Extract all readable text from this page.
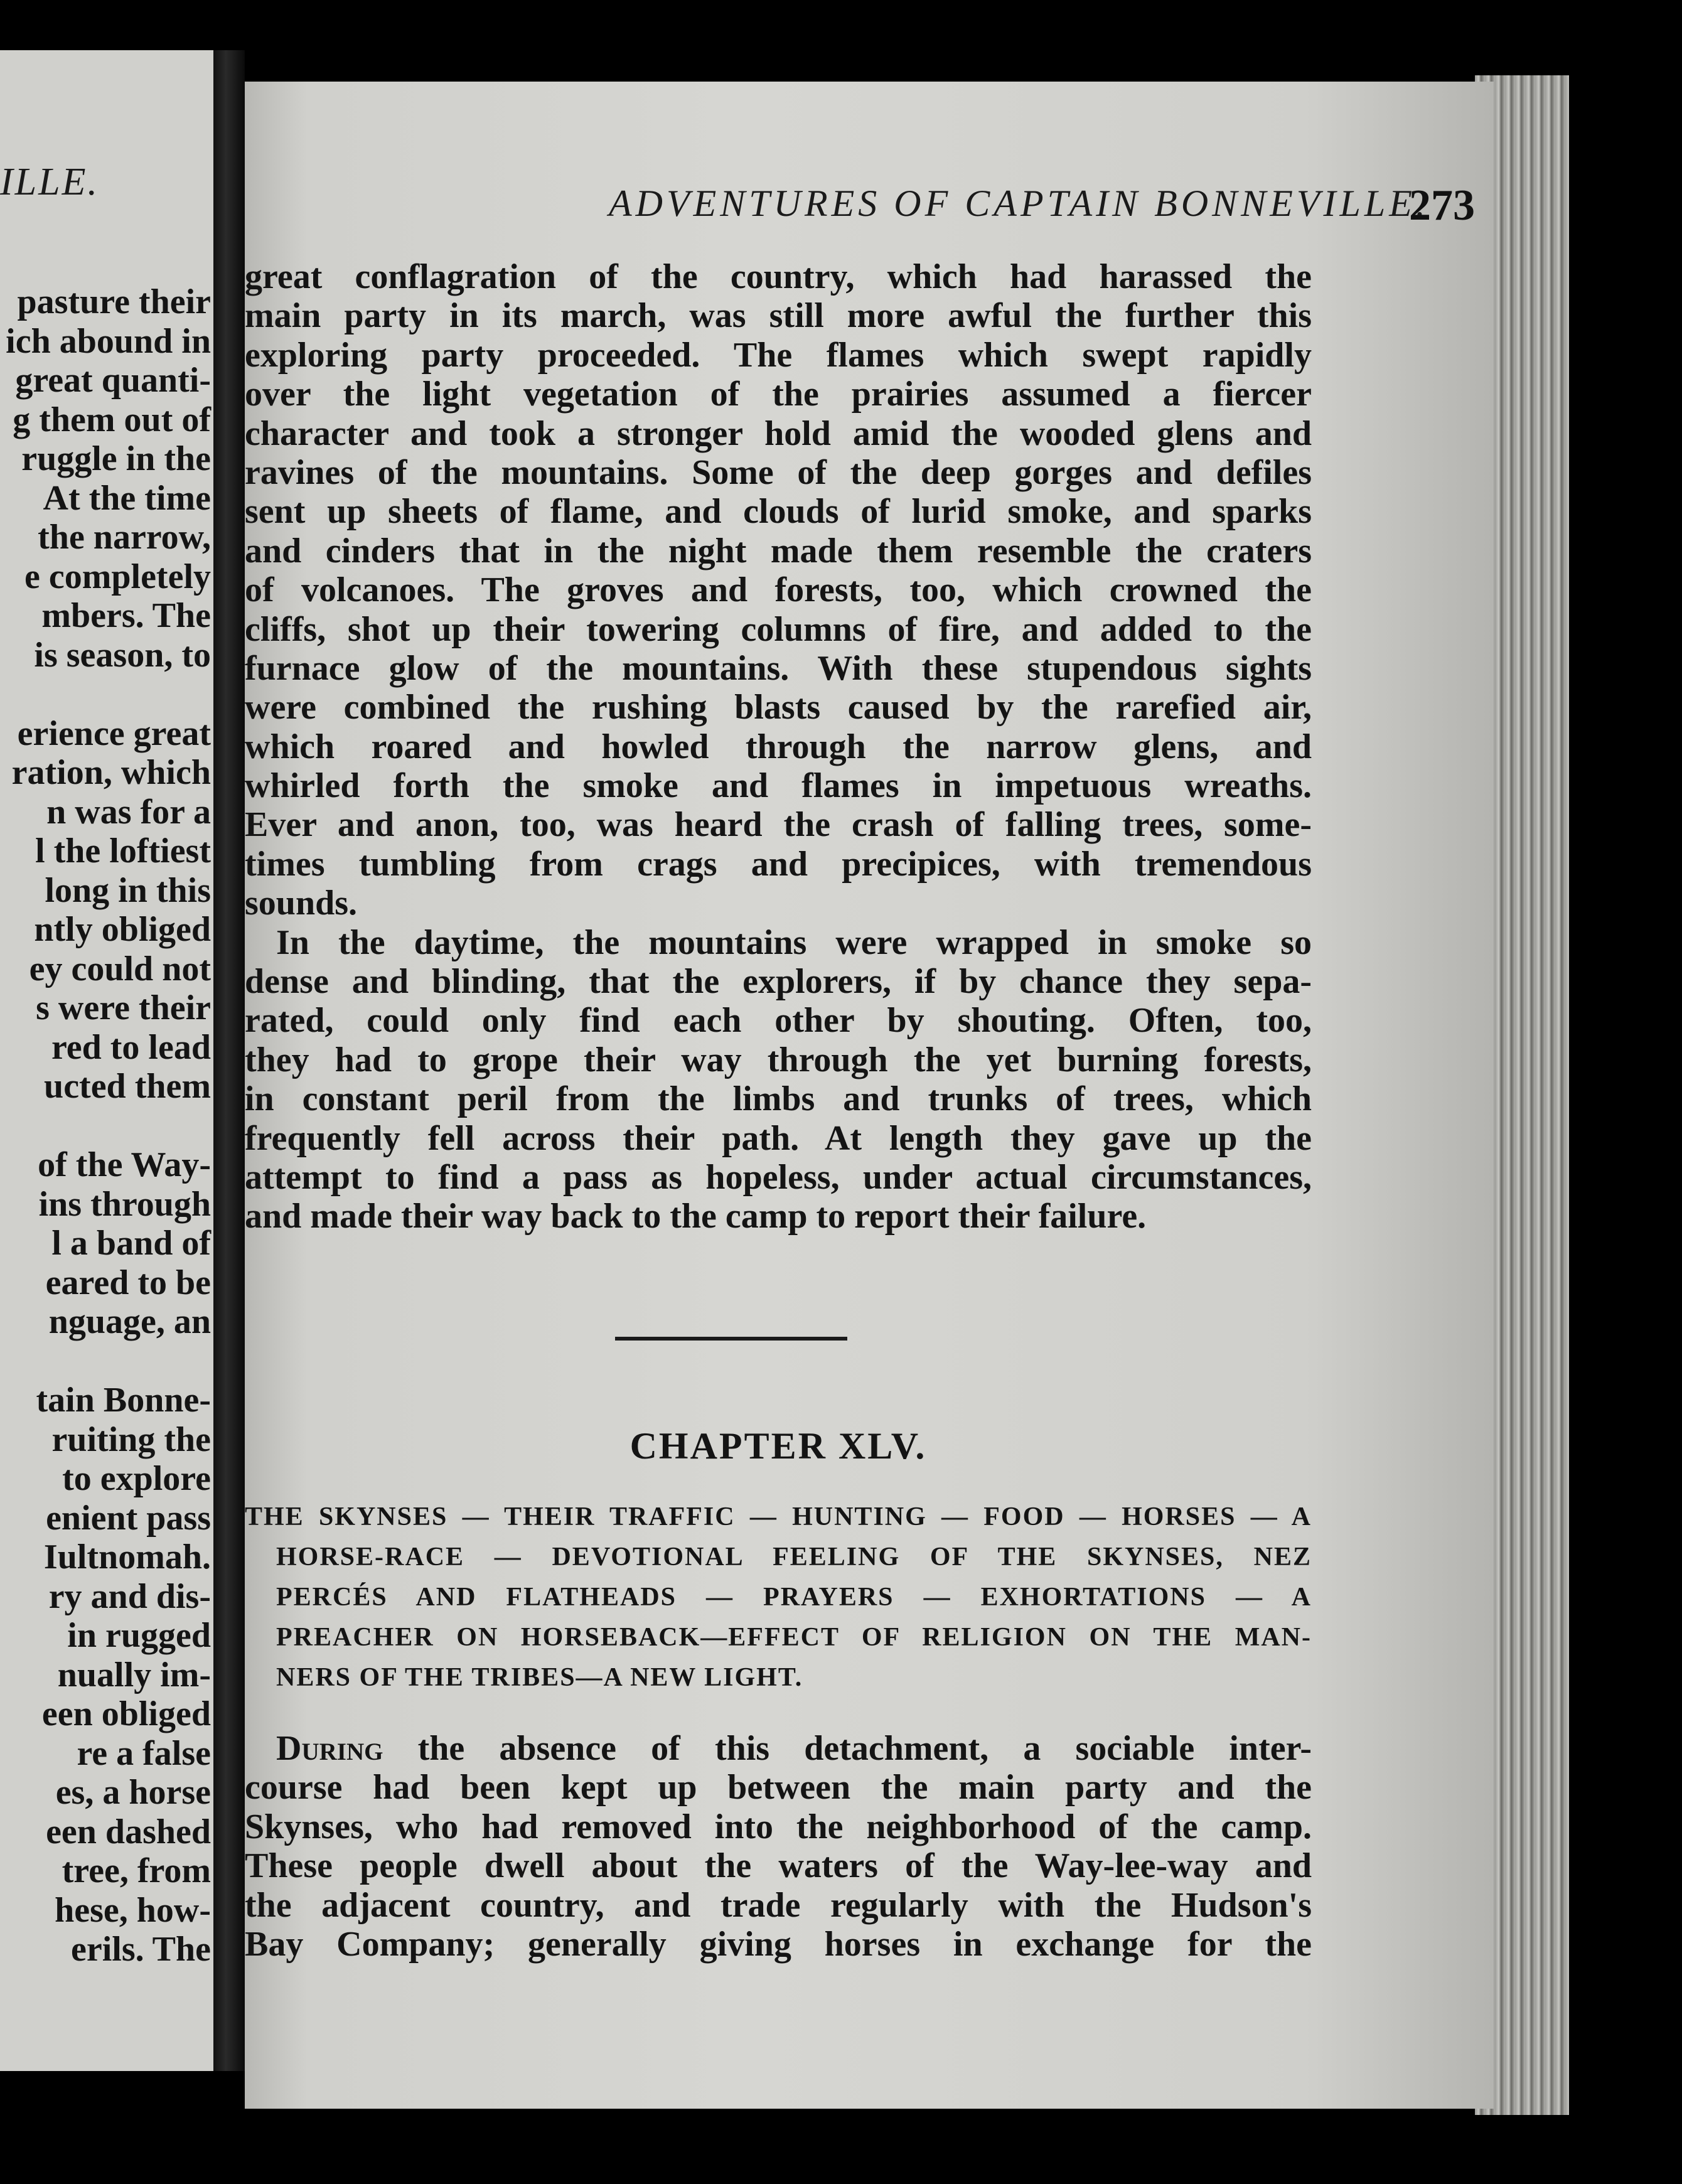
ILLE.
pasture their
ich abound in
great quanti-
g them out of
ruggle in the
At the time
the narrow,
e completely
mbers. The
is season, to
erience great
ration, which
n was for a
l the loftiest
long in this
ntly obliged
ey could not
s were their
red to lead
ucted them
of the Way-
ins through
l a band of
eared to be
nguage, an
tain Bonne-
ruiting the
to explore
enient pass
Iultnomah.
ry and dis-
in rugged
nually im-
een obliged
re a false
es, a horse
een dashed
tree, from
hese, how-
erils. The
ADVENTURES OF CAPTAIN BONNEVILLE.
273
great conflagration of the country, which had harassed the
main party in its march, was still more awful the further this
exploring party proceeded. The flames which swept rapidly
over the light vegetation of the prairies assumed a fiercer
character and took a stronger hold amid the wooded glens and
ravines of the mountains. Some of the deep gorges and defiles
sent up sheets of flame, and clouds of lurid smoke, and sparks
and cinders that in the night made them resemble the craters
of volcanoes. The groves and forests, too, which crowned the
cliffs, shot up their towering columns of fire, and added to the
furnace glow of the mountains. With these stupendous sights
were combined the rushing blasts caused by the rarefied air,
which roared and howled through the narrow glens, and
whirled forth the smoke and flames in impetuous wreaths.
Ever and anon, too, was heard the crash of falling trees, some-
times tumbling from crags and precipices, with tremendous
sounds.
In the daytime, the mountains were wrapped in smoke so
dense and blinding, that the explorers, if by chance they sepa-
rated, could only find each other by shouting. Often, too,
they had to grope their way through the yet burning forests,
in constant peril from the limbs and trunks of trees, which
frequently fell across their path. At length they gave up the
attempt to find a pass as hopeless, under actual circumstances,
and made their way back to the camp to report their failure.
CHAPTER XLV.
THE SKYNSES — THEIR TRAFFIC — HUNTING — FOOD — HORSES — A
HORSE-RACE — DEVOTIONAL FEELING OF THE SKYNSES, NEZ
PERCÉS AND FLATHEADS — PRAYERS — EXHORTATIONS — A
PREACHER ON HORSEBACK—EFFECT OF RELIGION ON THE MAN-
NERS OF THE TRIBES—A NEW LIGHT.
During the absence of this detachment, a sociable inter-
course had been kept up between the main party and the
Skynses, who had removed into the neighborhood of the camp.
These people dwell about the waters of the Way-lee-way and
the adjacent country, and trade regularly with the Hudson's
Bay Company; generally giving horses in exchange for the
